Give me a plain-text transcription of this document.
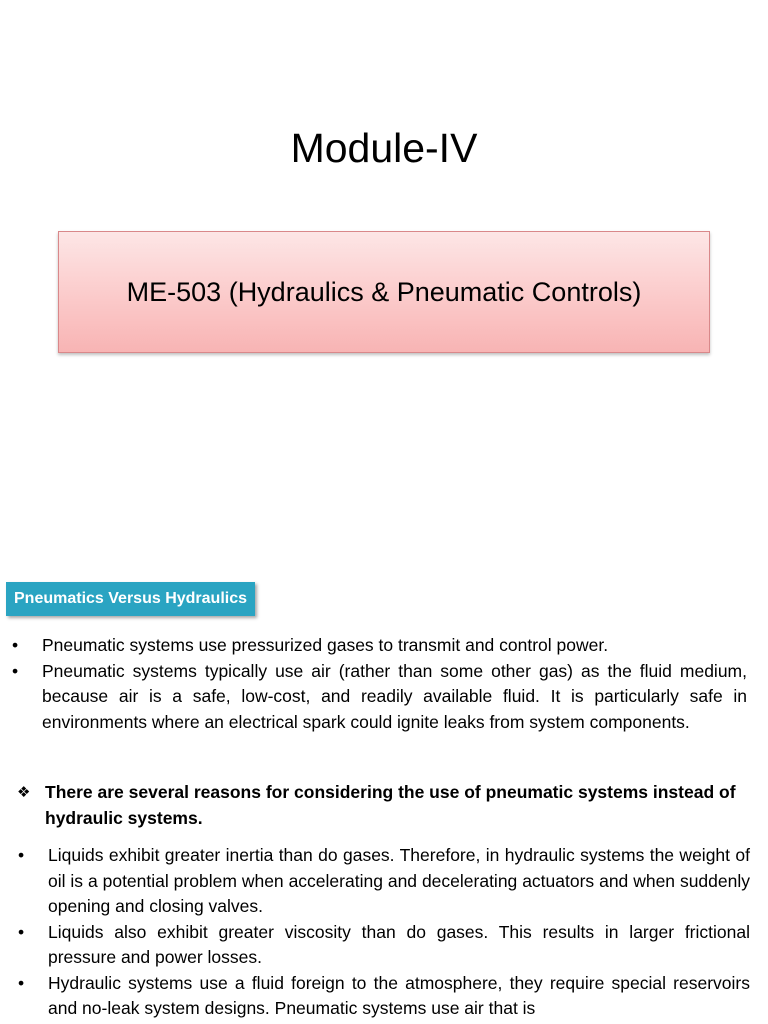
Module-IV
ME-503 (Hydraulics & Pneumatic Controls)
Pneumatics Versus Hydraulics
• Pneumatic systems use pressurized gases to transmit and control power.
• Pneumatic systems typically use air (rather than some other gas) as the fluid medium, because air is a safe, low-cost, and readily available fluid. It is particularly safe in environments where an electrical spark could ignite leaks from system components.
❖ There are several reasons for considering the use of pneumatic systems instead of hydraulic systems.
• Liquids exhibit greater inertia than do gases. Therefore, in hydraulic systems the weight of oil is a potential problem when accelerating and decelerating actuators and when suddenly opening and closing valves.
• Liquids also exhibit greater viscosity than do gases. This results in larger frictional pressure and power losses.
• Hydraulic systems use a fluid foreign to the atmosphere, they require special reservoirs and no-leak system designs. Pneumatic systems use air that is
